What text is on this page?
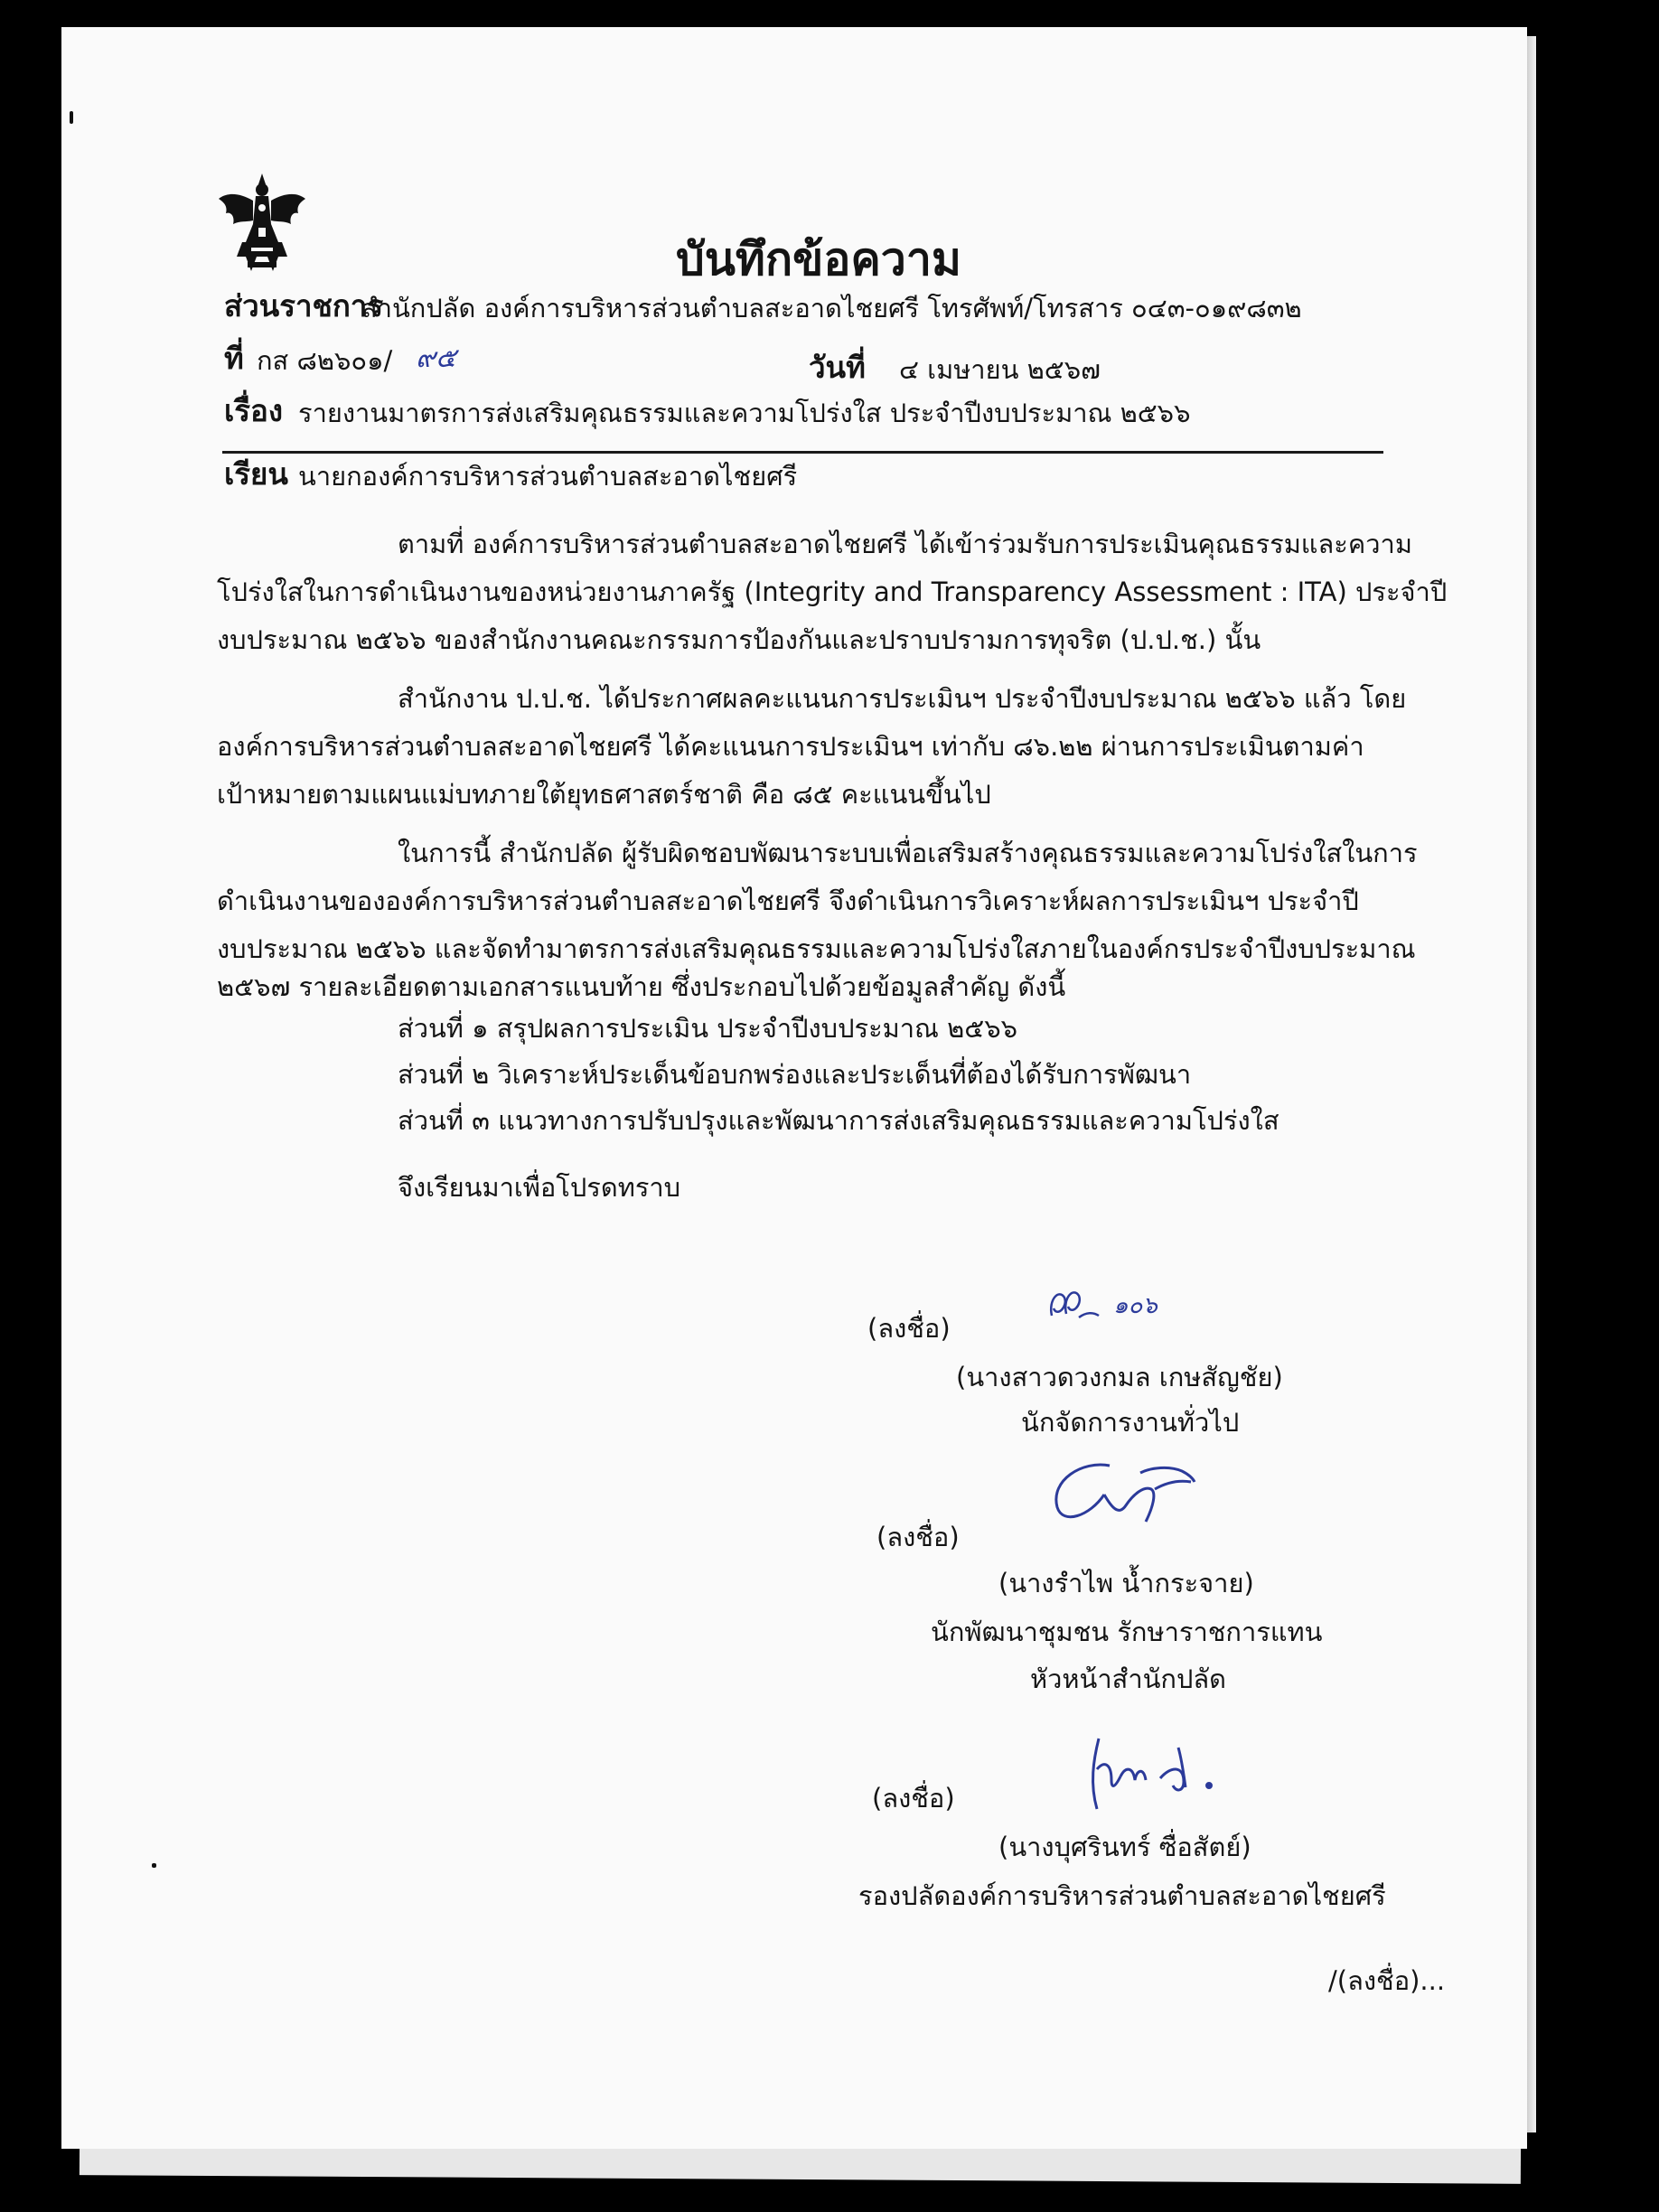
บันทึกข้อความ
ส่วนราชการ
สำนักปลัด องค์การบริหารส่วนตำบลสะอาดไชยศรี โทรศัพท์/โทรสาร ๐๔๓-๐๑๙๘๓๒
ที่ กส ๘๒๖๐๑/ ๙๕	วันที่ ๔ เมษายน ๒๕๖๗
เรื่อง รายงานมาตรการส่งเสริมคุณธรรมและความโปร่งใส ประจำปีงบประมาณ ๒๕๖๖
เรียน นายกองค์การบริหารส่วนตำบลสะอาดไชยศรี
ตามที่ องค์การบริหารส่วนตำบลสะอาดไชยศรี ได้เข้าร่วมรับการประเมินคุณธรรมและความ
โปร่งใสในการดำเนินงานของหน่วยงานภาครัฐ (Integrity and Transparency Assessment : ITA) ประจำปี
งบประมาณ ๒๕๖๖ ของสำนักงานคณะกรรมการป้องกันและปราบปรามการทุจริต (ป.ป.ช.) นั้น
สำนักงาน ป.ป.ช. ได้ประกาศผลคะแนนการประเมินฯ ประจำปีงบประมาณ ๒๕๖๖ แล้ว โดย
องค์การบริหารส่วนตำบลสะอาดไชยศรี ได้คะแนนการประเมินฯ เท่ากับ ๘๖.๒๒ ผ่านการประเมินตามค่า
เป้าหมายตามแผนแม่บทภายใต้ยุทธศาสตร์ชาติ คือ ๘๕ คะแนนขึ้นไป
ในการนี้ สำนักปลัด ผู้รับผิดชอบพัฒนาระบบเพื่อเสริมสร้างคุณธรรมและความโปร่งใสในการ
ดำเนินงานขององค์การบริหารส่วนตำบลสะอาดไชยศรี จึงดำเนินการวิเคราะห์ผลการประเมินฯ ประจำปี
งบประมาณ ๒๕๖๖ และจัดทำมาตรการส่งเสริมคุณธรรมและความโปร่งใสภายในองค์กรประจำปีงบประมาณ
๒๕๖๗ รายละเอียดตามเอกสารแนบท้าย ซึ่งประกอบไปด้วยข้อมูลสำคัญ ดังนี้
ส่วนที่ ๑ สรุปผลการประเมิน ประจำปีงบประมาณ ๒๕๖๖
ส่วนที่ ๒ วิเคราะห์ประเด็นข้อบกพร่องและประเด็นที่ต้องได้รับการพัฒนา
ส่วนที่ ๓ แนวทางการปรับปรุงและพัฒนาการส่งเสริมคุณธรรมและความโปร่งใส
จึงเรียนมาเพื่อโปรดทราบ
๑๐๖
(ลงชื่อ)
(นางสาวดวงกมล เกษสัญชัย)
นักจัดการงานทั่วไป
(ลงชื่อ)
(นางรำไพ น้ำกระจาย)
นักพัฒนาชุมชน รักษาราชการแทน
หัวหน้าสำนักปลัด
(ลงชื่อ)
(นางบุศรินทร์ ซื่อสัตย์)
รองปลัดองค์การบริหารส่วนตำบลสะอาดไชยศรี
/(ลงชื่อ)...
